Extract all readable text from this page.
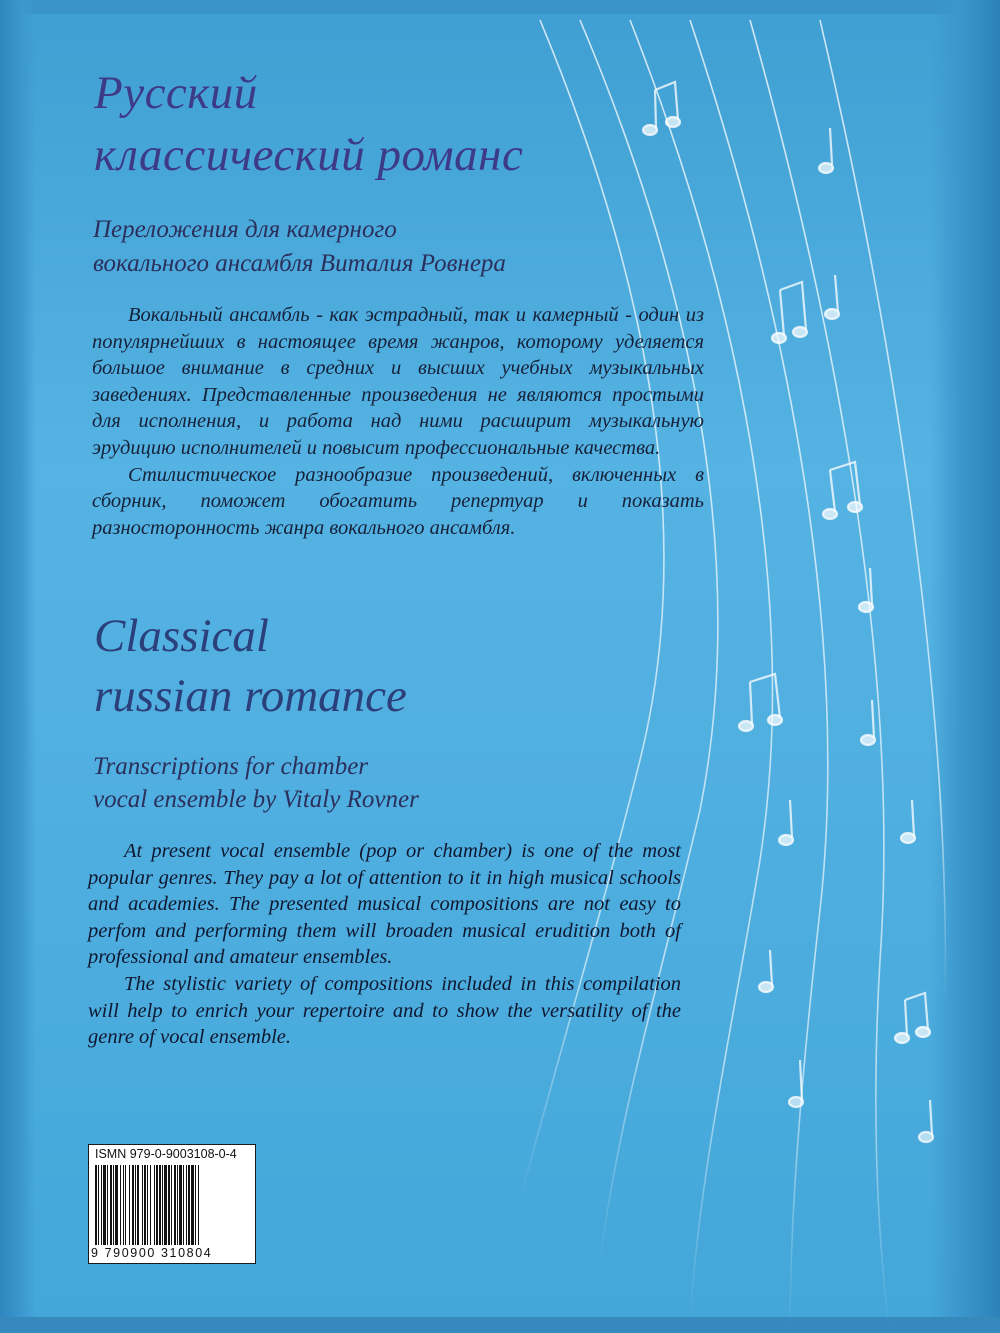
Русский
классический романс
Переложения для камерного
вокального ансамбля Виталия Ровнера

Вокальный ансамбль - как эстрадный, так и камерный - один из популярнейших в настоящее время жанров, которому уделяется большое внимание в средних и высших учебных музыкальных заведениях. Представленные произведения не являются простыми для исполнения, и работа над ними расширит музыкальную эрудицию исполнителей и повысит профессиональные качества.

Стилистическое разнообразие произведений, включенных в сборник, поможет обогатить репертуар и показать разносторонность жанра вокального ансамбля.

Classical
russian romance
Transcriptions for chamber
vocal ensemble by Vitaly Rovner

At present vocal ensemble (pop or chamber) is one of the most popular genres. They pay a lot of attention to it in high musical schools and academies. The presented musical compositions are not easy to perfom and performing them will broaden musical erudition both of professional and amateur ensembles.

The stylistic variety of compositions included in this compilation will help to enrich your repertoire and to show the versatility of the genre of vocal ensemble.

ISMN 979-0-9003108-0-4
9 790900 310804
